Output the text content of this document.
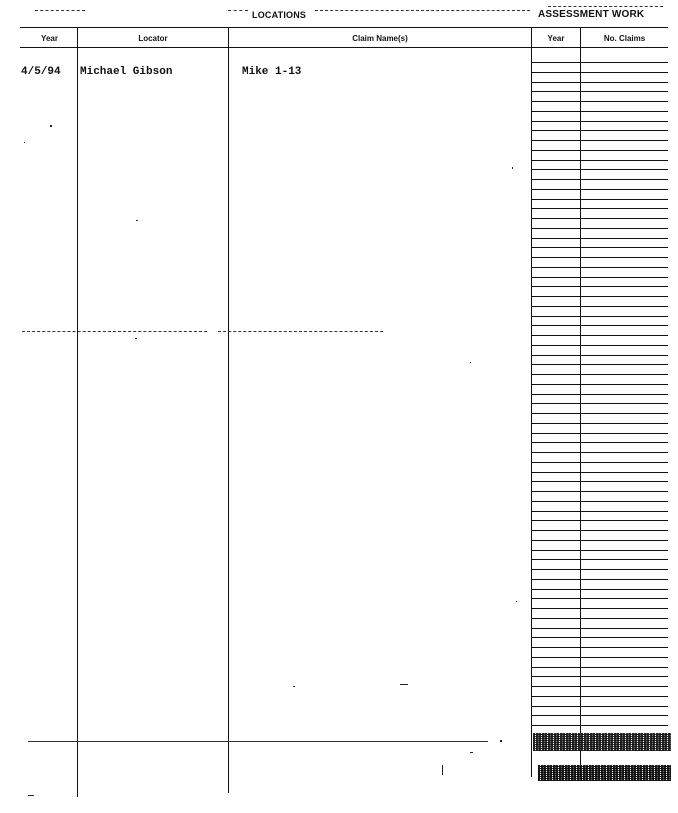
LOCATIONS	ASSESSMENT WORK
Year	Locator	Claim Name(s)	Year	No. Claims
4/5/94 Michael Gibson	Mike 1-13
